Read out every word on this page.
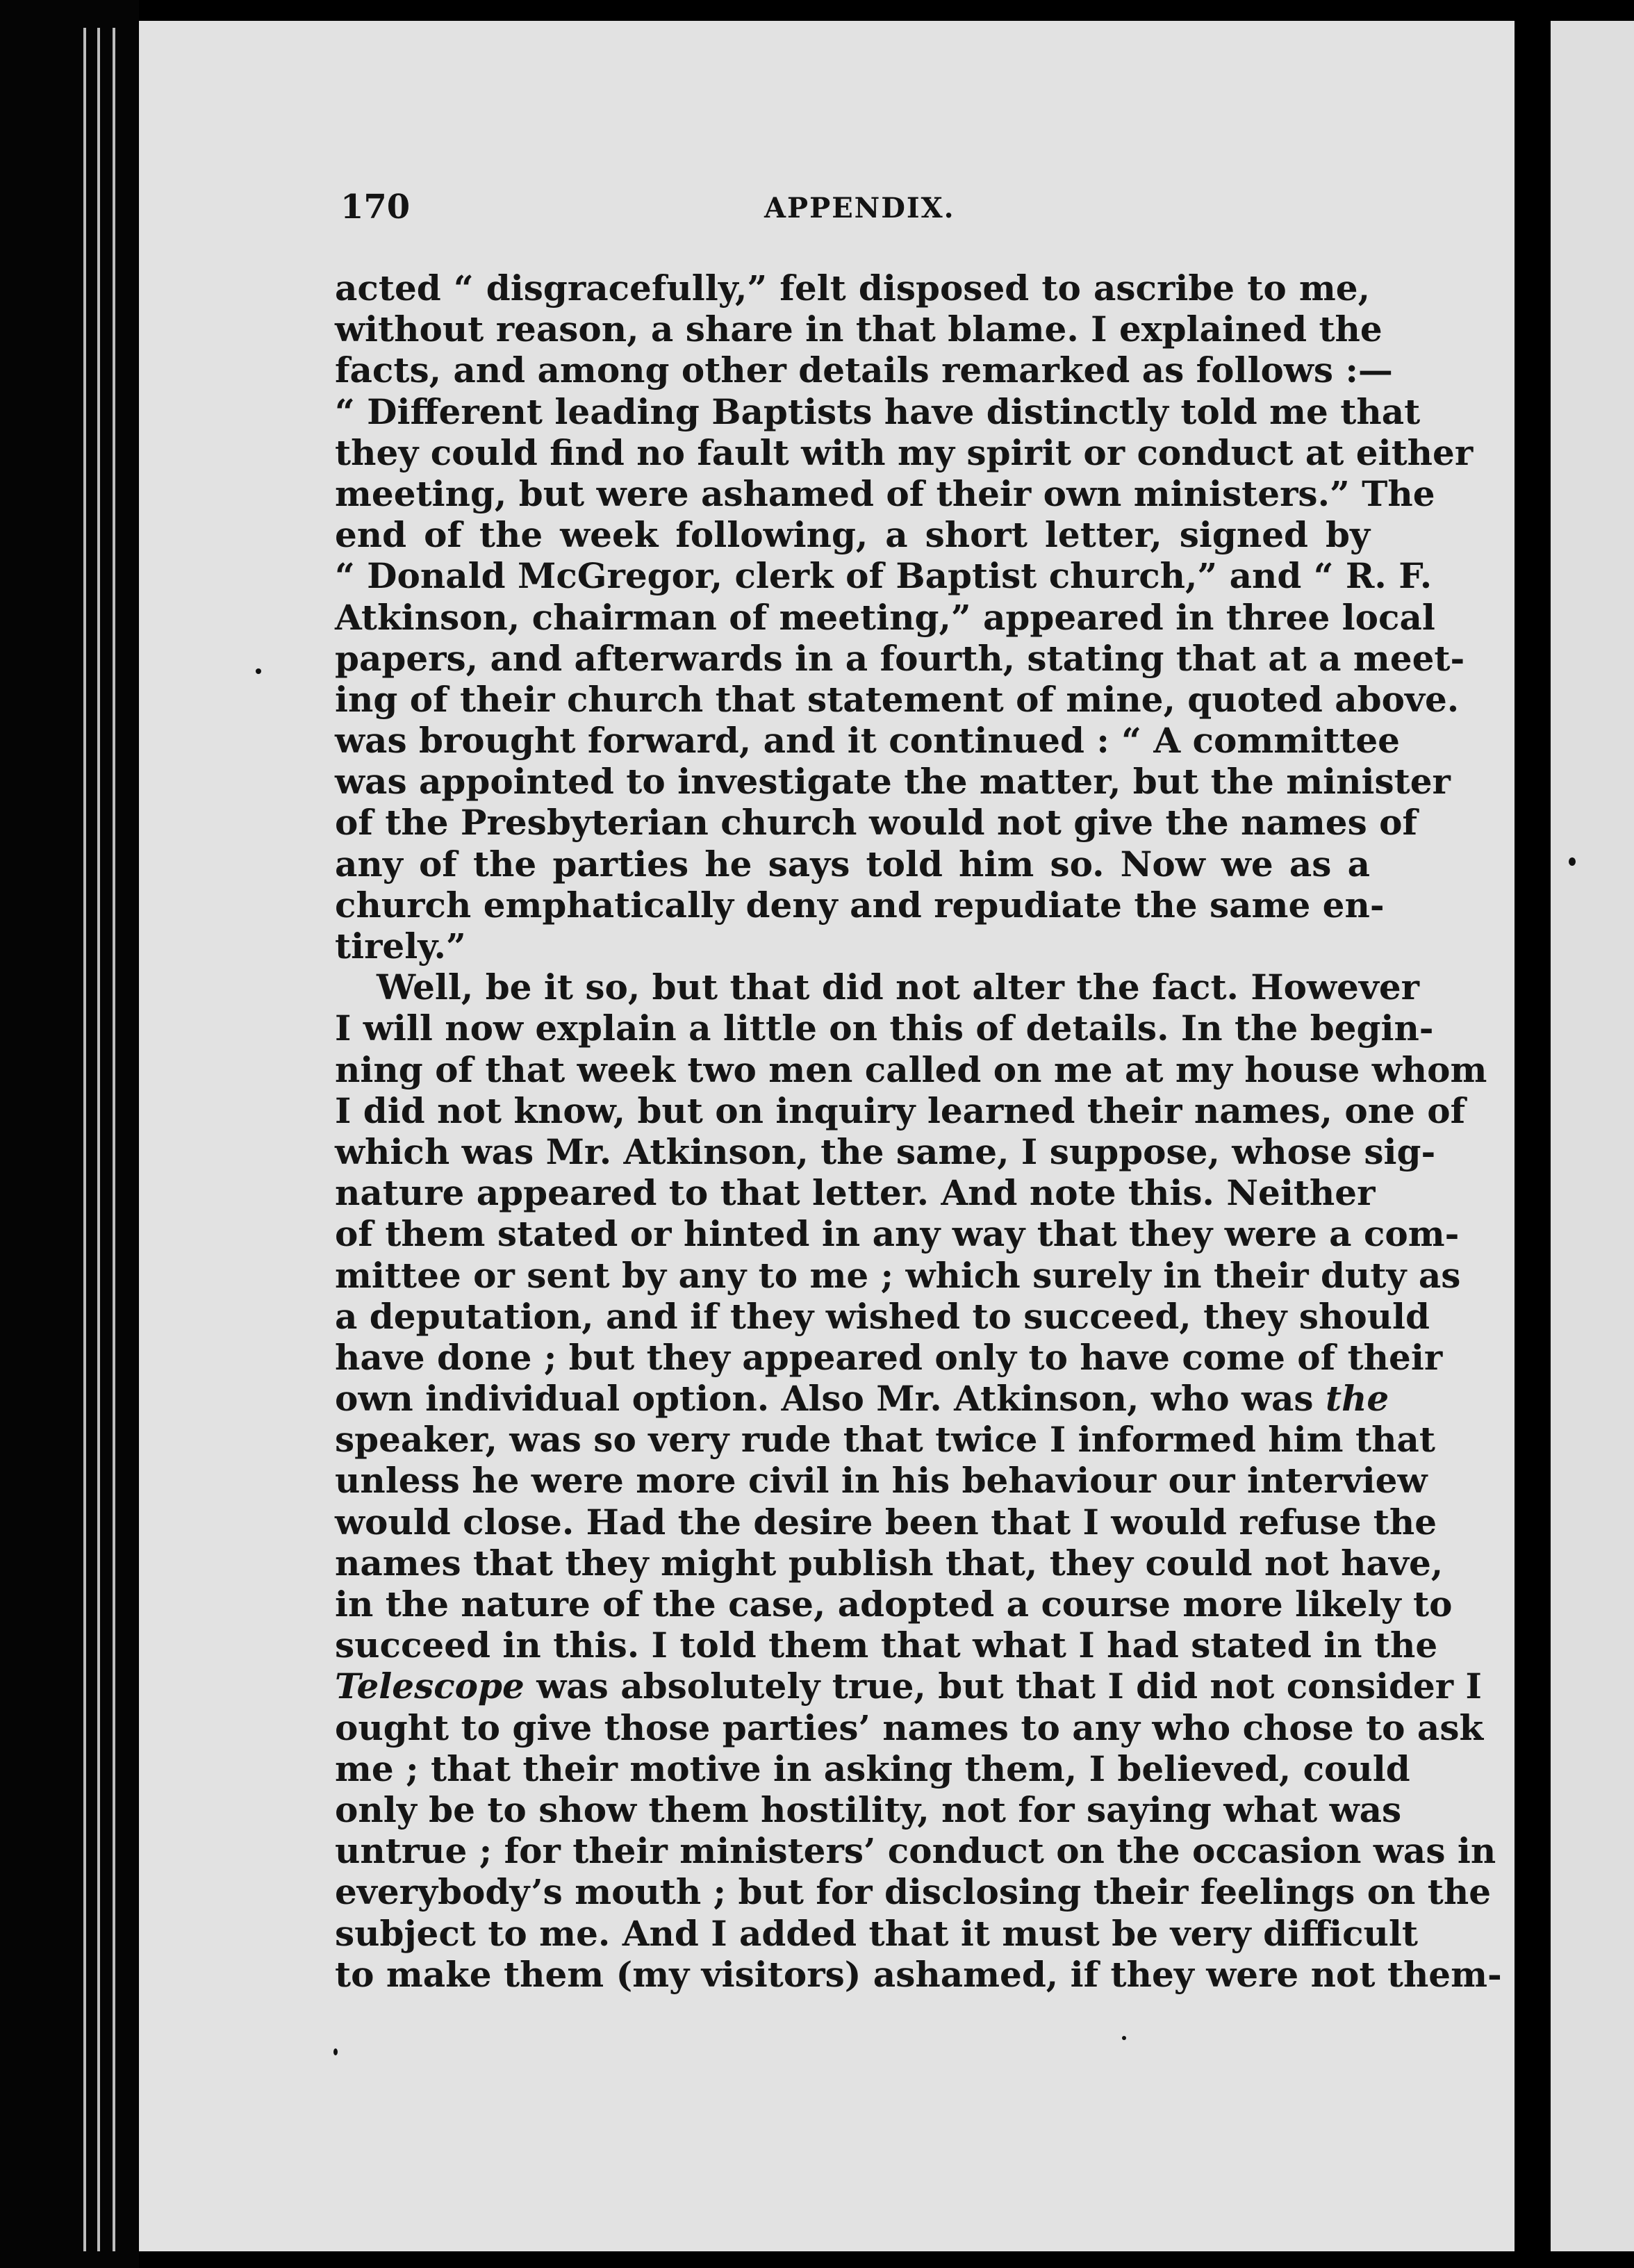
170	APPENDIX.
acted “ disgracefully,” felt disposed to ascribe to me,
without reason, a share in that blame. I explained the
facts, and among other details remarked as follows :—
“ Different leading Baptists have distinctly told me that
they could find no fault with my spirit or conduct at either
meeting, but were ashamed of their own ministers.” The
end of the week following, a short letter, signed by
“ Donald McGregor, clerk of Baptist church,” and “ R. F.
Atkinson, chairman of meeting,” appeared in three local
papers, and afterwards in a fourth, stating that at a meet-
ing of their church that statement of mine, quoted above.
was brought forward, and it continued : “ A committee
was appointed to investigate the matter, but the minister
of the Presbyterian church would not give the names of
any of the parties he says told him so. Now we as a
church emphatically deny and repudiate the same en-
tirely.”
Well, be it so, but that did not alter the fact. However
I will now explain a little on this of details. In the begin-
ning of that week two men called on me at my house whom
I did not know, but on inquiry learned their names, one of
which was Mr. Atkinson, the same, I suppose, whose sig-
nature appeared to that letter. And note this. Neither
of them stated or hinted in any way that they were a com-
mittee or sent by any to me ; which surely in their duty as
a deputation, and if they wished to succeed, they should
have done ; but they appeared only to have come of their
own individual option. Also Mr. Atkinson, who was the
speaker, was so very rude that twice I informed him that
unless he were more civil in his behaviour our interview
would close. Had the desire been that I would refuse the
names that they might publish that, they could not have,
in the nature of the case, adopted a course more likely to
succeed in this. I told them that what I had stated in the
Telescope was absolutely true, but that I did not consider I
ought to give those parties’ names to any who chose to ask
me ; that their motive in asking them, I believed, could
only be to show them hostility, not for saying what was
untrue ; for their ministers’ conduct on the occasion was in
everybody’s mouth ; but for disclosing their feelings on the
subject to me. And I added that it must be very difficult
to make them (my visitors) ashamed, if they were not them-
